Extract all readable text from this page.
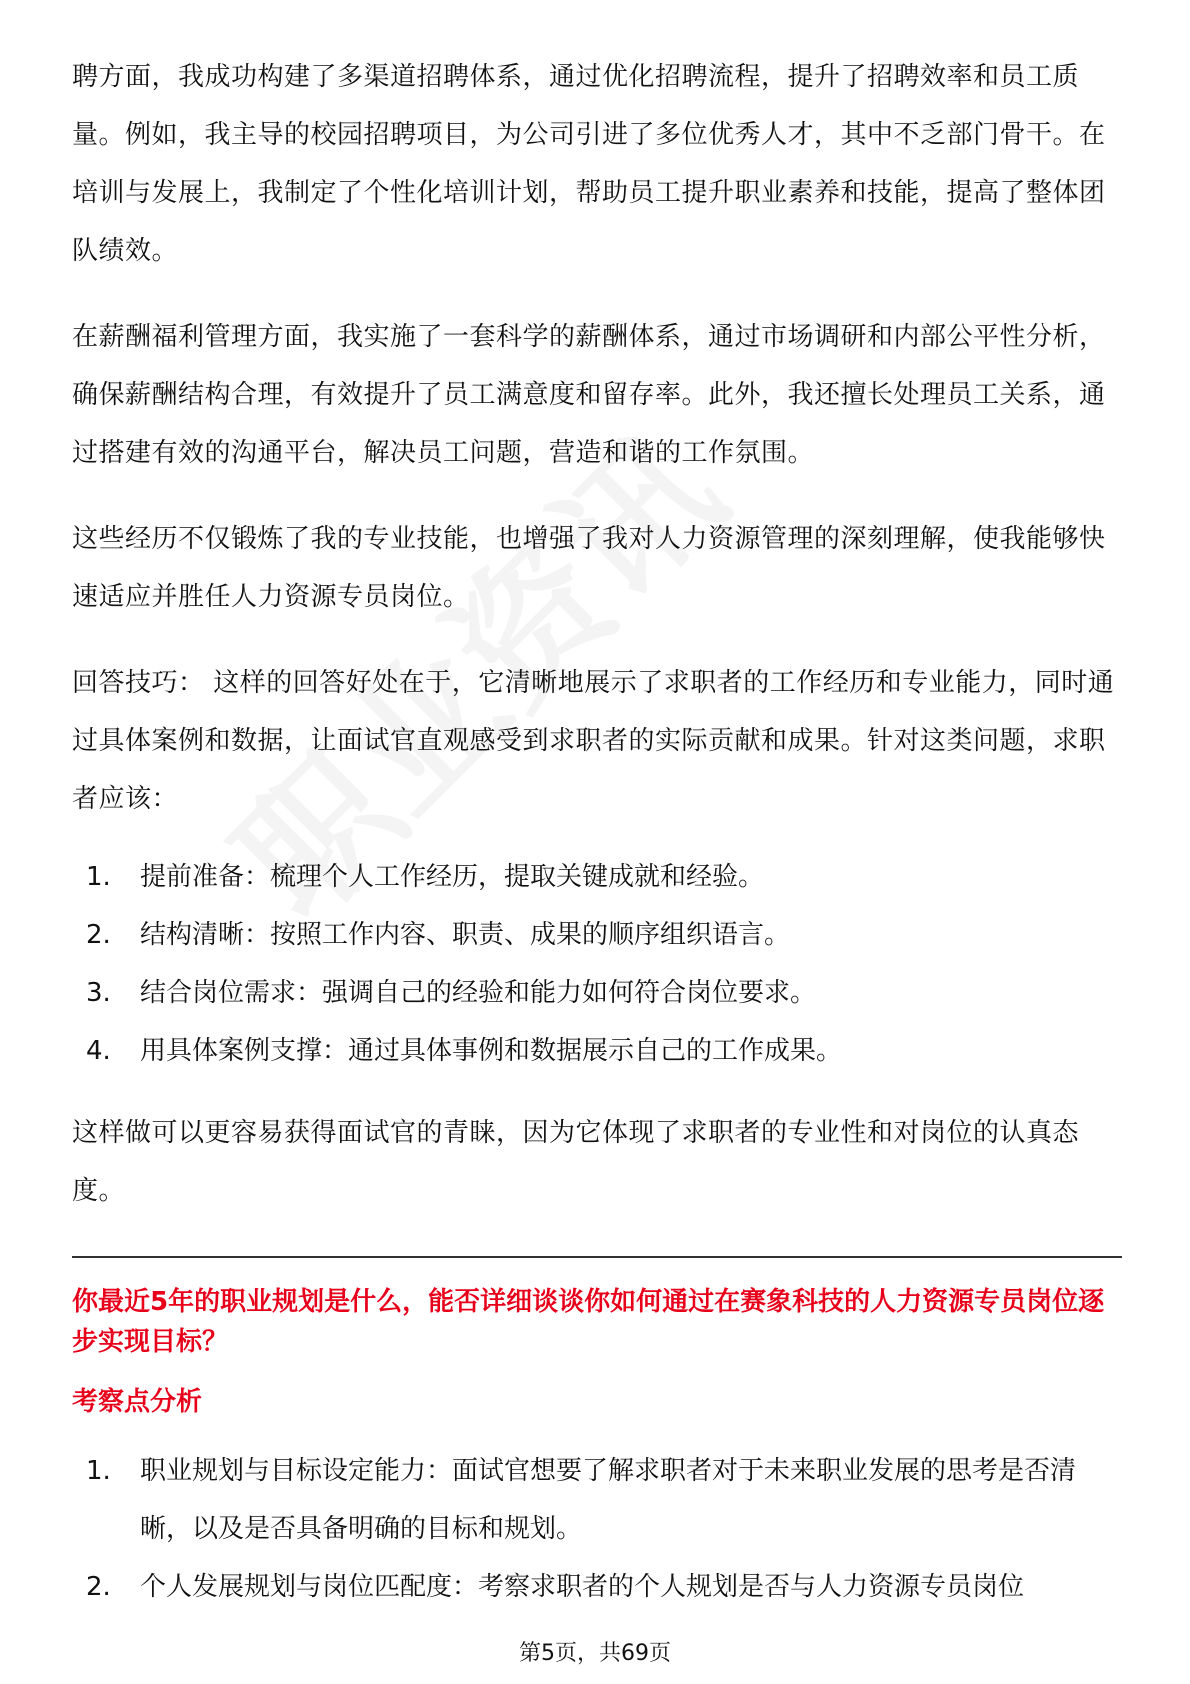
聘方面，我成功构建了多渠道招聘体系，通过优化招聘流程，提升了招聘效率和员工质量。例如，我主导的校园招聘项目，为公司引进了多位优秀人才，其中不乏部门骨干。在培训与发展上，我制定了个性化培训计划，帮助员工提升职业素养和技能，提高了整体团队绩效。

在薪酬福利管理方面，我实施了一套科学的薪酬体系，通过市场调研和内部公平性分析，确保薪酬结构合理，有效提升了员工满意度和留存率。此外，我还擅长处理员工关系，通过搭建有效的沟通平台，解决员工问题，营造和谐的工作氛围。

这些经历不仅锻炼了我的专业技能，也增强了我对人力资源管理的深刻理解，使我能够快速适应并胜任人力资源专员岗位。

回答技巧： 这样的回答好处在于，它清晰地展示了求职者的工作经历和专业能力，同时通过具体案例和数据，让面试官直观感受到求职者的实际贡献和成果。针对这类问题，求职者应该：

1.	提前准备：梳理个人工作经历，提取关键成就和经验。
2.	结构清晰：按照工作内容、职责、成果的顺序组织语言。
3.	结合岗位需求：强调自己的经验和能力如何符合岗位要求。
4.	用具体案例支撑：通过具体事例和数据展示自己的工作成果。

这样做可以更容易获得面试官的青睐，因为它体现了求职者的专业性和对岗位的认真态度。

你最近5年的职业规划是什么，能否详细谈谈你如何通过在赛象科技的人力资源专员岗位逐步实现目标？

考察点分析

1.	职业规划与目标设定能力：面试官想要了解求职者对于未来职业发展的思考是否清晰，以及是否具备明确的目标和规划。
2.	个人发展规划与岗位匹配度：考察求职者的个人规划是否与人力资源专员岗位
第5页，共69页
